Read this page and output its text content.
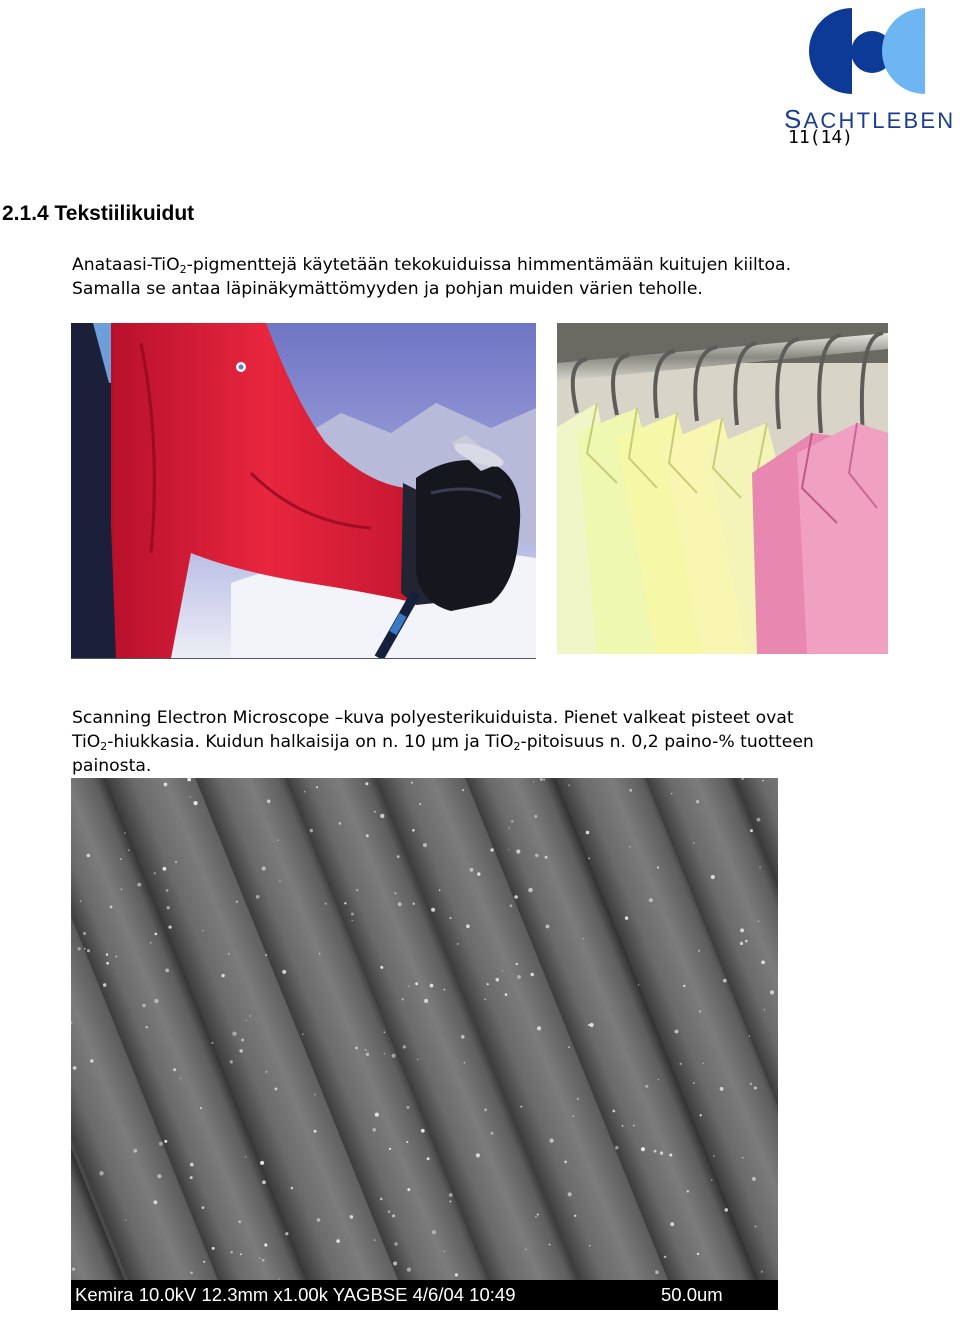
SACHTLEBEN
11(14)
2.1.4 Tekstiilikuidut
Anataasi-TiO$_2$-pigmenttejä käytetään tekokuiduissa himmentämään kuitujen kiiltoa.
Samalla se antaa läpinäkymättömyyden ja pohjan muiden värien teholle.
Scanning Electron Microscope –kuva polyesterikuiduista. Pienet valkeat pisteet ovat
TiO$_2$-hiukkasia. Kuidun halkaisija on n. 10 µm ja TiO$_2$-pitoisuus n. 0,2 paino-% tuotteen
painosta.
Kemira 10.0kV 12.3mm x1.00k YAGBSE 4/6/04 10:49	50.0um
